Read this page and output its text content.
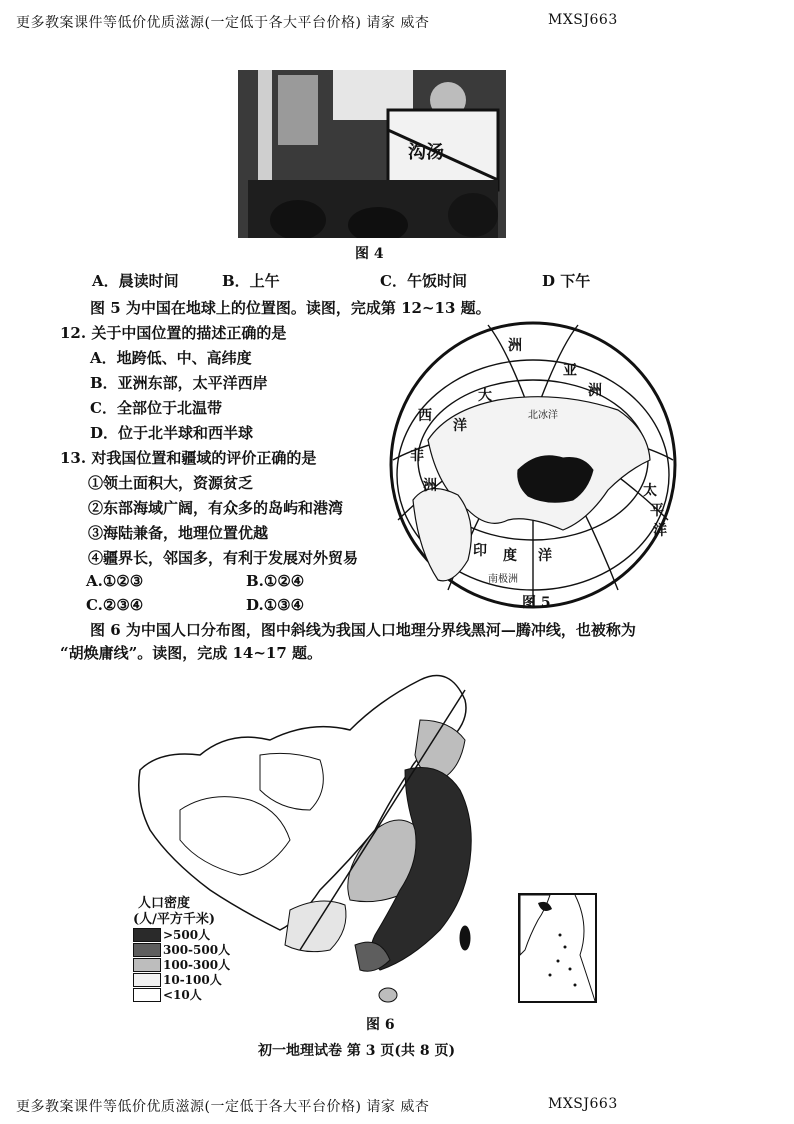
更多教案课件等低价优质滋源(一定低于各大平台价格) 请家 威杏	MXSJ663
沟汤
图 4
A．晨读时间	B．上午	C．午饭时间	D 下午
图 5 为中国在地球上的位置图。读图，完成第 12~13 题。
12. 关于中国位置的描述正确的是
A．地跨低、中、高纬度
B．亚洲东部，太平洋西岸
C．全部位于北温带
D．位于北半球和西半球
13. 对我国位置和疆域的评价正确的是
①领土面积大，资源贫乏
②东部海域广阔，有众多的岛屿和港湾
③海陆兼备，地理位置优越
④疆界长，邻国多，有利于发展对外贸易
A.①②③	B.①②④
C.②③④	D.①③④
洲
亚
洲
大
西
洋
非
洲	太
平
洋
印 度 洋
南极洲
北冰洋
图 5
图 6 为中国人口分布图，图中斜线为我国人口地理分界线黑河—腾冲线，也被称为
“胡焕庸线”。读图，完成 14~17 题。
人口密度
(人/平方千米)
>500人
300-500人
100-300人
10-100人
<10人
图 6
初一地理试卷 第 3 页(共 8 页)
更多教案课件等低价优质滋源(一定低于各大平台价格) 请家 威杏	MXSJ663
